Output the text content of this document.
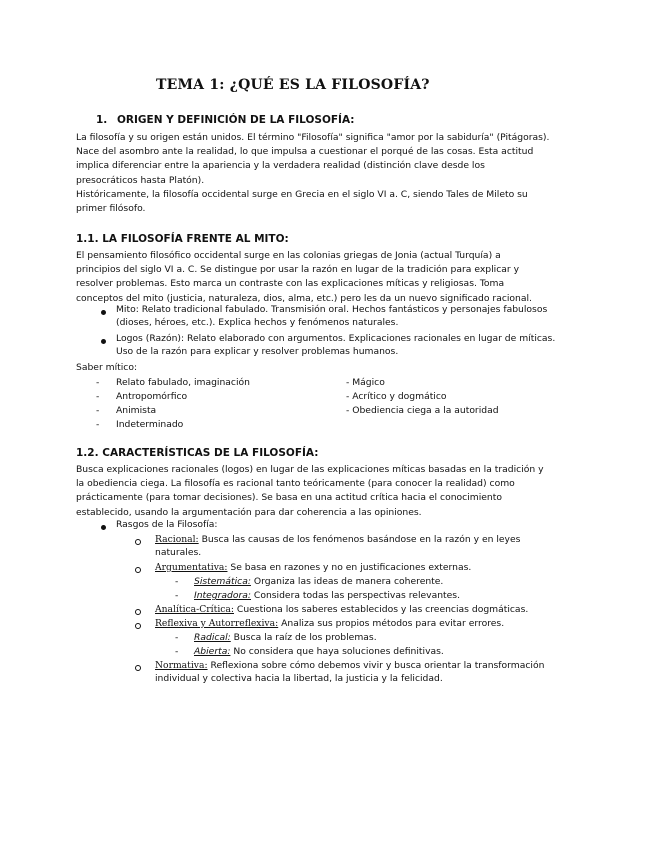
TEMA 1: ¿QUÉ ES LA FILOSOFÍA?
1. ORIGEN Y DEFINICIÓN DE LA FILOSOFÍA:
La filosofía y su origen están unidos. El término "Filosofía" significa "amor por la sabiduría" (Pitágoras).
Nace del asombro ante la realidad, lo que impulsa a cuestionar el porqué de las cosas. Esta actitud
implica diferenciar entre la apariencia y la verdadera realidad (distinción clave desde los
presocráticos hasta Platón).
Históricamente, la filosofía occidental surge en Grecia en el siglo VI a. C, siendo Tales de Mileto su
primer filósofo.
1.1. LA FILOSOFÍA FRENTE AL MITO:
El pensamiento filosófico occidental surge en las colonias griegas de Jonia (actual Turquía) a
principios del siglo VI a. C. Se distingue por usar la razón en lugar de la tradición para explicar y
resolver problemas. Esto marca un contraste con las explicaciones míticas y religiosas. Toma
conceptos del mito (justicia, naturaleza, dios, alma, etc.) pero les da un nuevo significado racional.
Mito: Relato tradicional fabulado. Transmisión oral. Hechos fantásticos y personajes fabulosos
(dioses, héroes, etc.). Explica hechos y fenómenos naturales.
Logos (Razón): Relato elaborado con argumentos. Explicaciones racionales en lugar de míticas.
Uso de la razón para explicar y resolver problemas humanos.
Saber mítico:
- Relato fabulado, imaginación
- Antropomórfico
- Animista
- Indeterminado
- Mágico
- Acrítico y dogmático
- Obediencia ciega a la autoridad
1.2. CARACTERÍSTICAS DE LA FILOSOFÍA:
Busca explicaciones racionales (logos) en lugar de las explicaciones míticas basadas en la tradición y
la obediencia ciega. La filosofía es racional tanto teóricamente (para conocer la realidad) como
prácticamente (para tomar decisiones). Se basa en una actitud crítica hacia el conocimiento
establecido, usando la argumentación para dar coherencia a las opiniones.
Rasgos de la Filosofía:
Racional: Busca las causas de los fenómenos basándose en la razón y en leyes
naturales.
Argumentativa: Se basa en razones y no en justificaciones externas.
- Sistemática: Organiza las ideas de manera coherente.
- Integradora: Considera todas las perspectivas relevantes.
Analítica-Crítica: Cuestiona los saberes establecidos y las creencias dogmáticas.
Reflexiva y Autorreflexiva: Analiza sus propios métodos para evitar errores.
- Radical: Busca la raíz de los problemas.
- Abierta: No considera que haya soluciones definitivas.
Normativa: Reflexiona sobre cómo debemos vivir y busca orientar la transformación
individual y colectiva hacia la libertad, la justicia y la felicidad.
